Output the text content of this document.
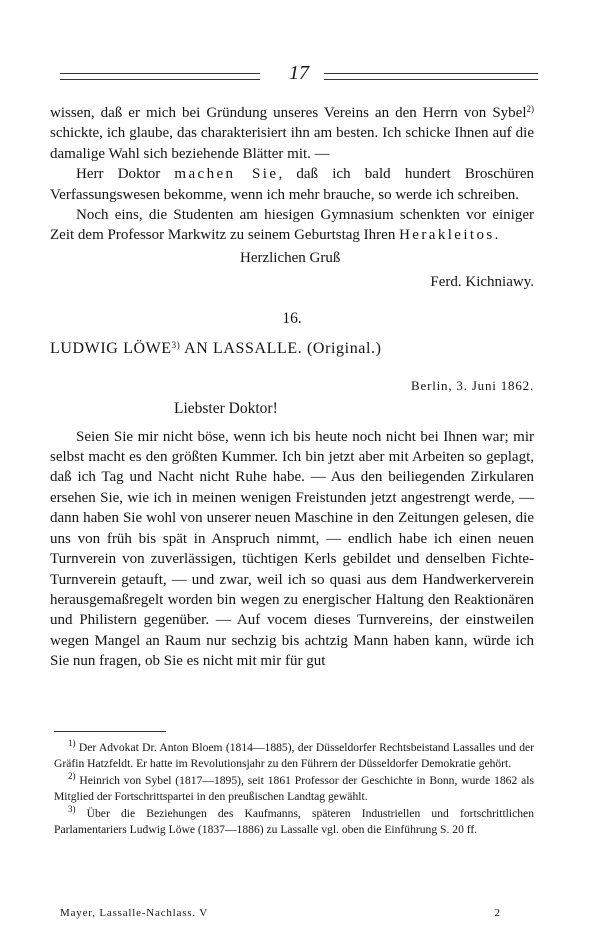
17

wissen, daß er mich bei Gründung unseres Vereins an den Herrn von Sybel$^{2)}$ schickte, ich glaube, das charakterisiert ihn am besten. Ich schicke Ihnen auf die damalige Wahl sich beziehende Blätter mit. —

Herr Doktor machen Sie, daß ich bald hundert Broschüren Verfassungswesen bekomme, wenn ich mehr brauche, so werde ich schreiben.

Noch eins, die Studenten am hiesigen Gymnasium schenkten vor einiger Zeit dem Professor Markwitz zu seinem Geburtstag Ihren Herakleitos.

Herzlichen Gruß

Ferd. Kichniawy.

16.

LUDWIG LÖWE$^{3)}$ AN LASSALLE. (Original.)

Berlin, 3. Juni 1862.

Liebster Doktor!

Seien Sie mir nicht böse, wenn ich bis heute noch nicht bei Ihnen war; mir selbst macht es den größten Kummer. Ich bin jetzt aber mit Arbeiten so geplagt, daß ich Tag und Nacht nicht Ruhe habe. — Aus den beiliegenden Zirkularen ersehen Sie, wie ich in meinen wenigen Freistunden jetzt angestrengt werde, — dann haben Sie wohl von unserer neuen Maschine in den Zeitungen gelesen, die uns von früh bis spät in Anspruch nimmt, — endlich habe ich einen neuen Turnverein von zuverlässigen, tüchtigen Kerls gebildet und denselben Fichte-Turnverein getauft, — und zwar, weil ich so quasi aus dem Handwerkerverein herausgemaßregelt worden bin wegen zu energischer Haltung den Reaktionären und Philistern gegenüber. — Auf vocem dieses Turnvereins, der einstweilen wegen Mangel an Raum nur sechzig bis achtzig Mann haben kann, würde ich Sie nun fragen, ob Sie es nicht mit mir für gut

$^{1)}$ Der Advokat Dr. Anton Bloem (1814—1885), der Düsseldorfer Rechtsbeistand Lassalles und der Gräfin Hatzfeldt. Er hatte im Revolutionsjahr zu den Führern der Düsseldorfer Demokratie gehört.

$^{2)}$ Heinrich von Sybel (1817—1895), seit 1861 Professor der Geschichte in Bonn, wurde 1862 als Mitglied der Fortschrittspartei in den preußischen Landtag gewählt.

$^{3)}$ Über die Beziehungen des Kaufmanns, späteren Industriellen und fortschrittlichen Parlamentariers Ludwig Löwe (1837—1886) zu Lassalle vgl. oben die Einführung S. 20 ff.

Mayer, Lassalle-Nachlass. V	2
